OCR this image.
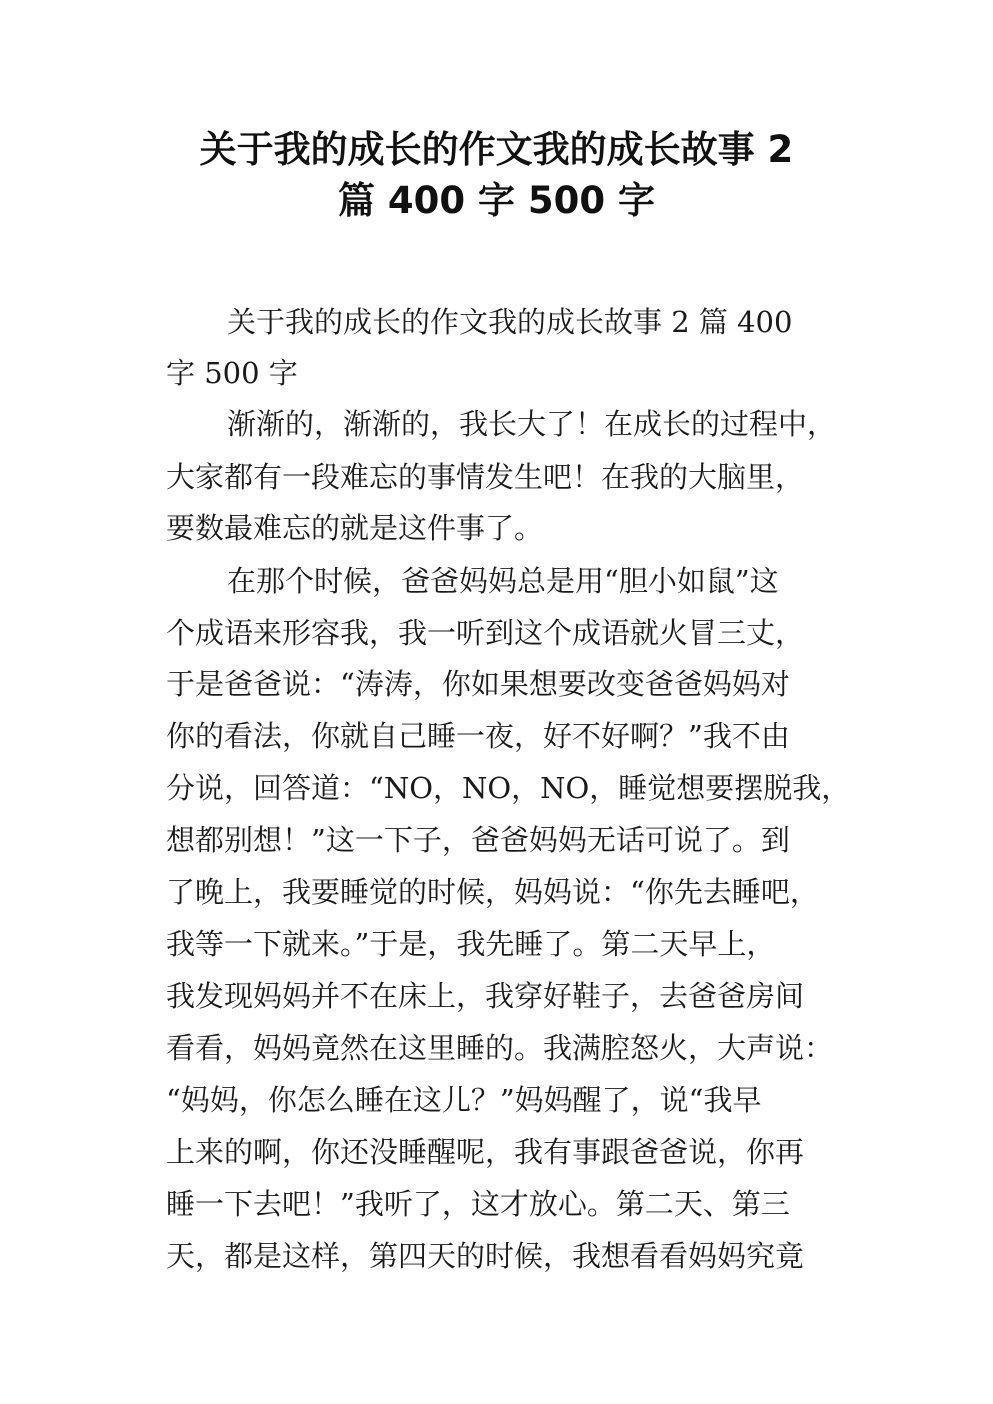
关于我的成长的作文我的成长故事 2
篇 400 字 500 字
关于我的成长的作文我的成长故事 2 篇 400
字 500 字
渐渐的，渐渐的，我长大了！在成长的过程中，
大家都有一段难忘的事情发生吧！在我的大脑里，
要数最难忘的就是这件事了。
在那个时候，爸爸妈妈总是用“胆小如鼠”这
个成语来形容我，我一听到这个成语就火冒三丈，
于是爸爸说：“涛涛，你如果想要改变爸爸妈妈对
你的看法，你就自己睡一夜，好不好啊？”我不由
分说，回答道：“NO，NO，NO，睡觉想要摆脱我，
想都别想！”这一下子，爸爸妈妈无话可说了。到
了晚上，我要睡觉的时候，妈妈说：“你先去睡吧，
我等一下就来。”于是，我先睡了。第二天早上，
我发现妈妈并不在床上，我穿好鞋子，去爸爸房间
看看，妈妈竟然在这里睡的。我满腔怒火，大声说：
“妈妈，你怎么睡在这儿？”妈妈醒了，说“我早
上来的啊，你还没睡醒呢，我有事跟爸爸说，你再
睡一下去吧！”我听了，这才放心。第二天、第三
天，都是这样，第四天的时候，我想看看妈妈究竟
